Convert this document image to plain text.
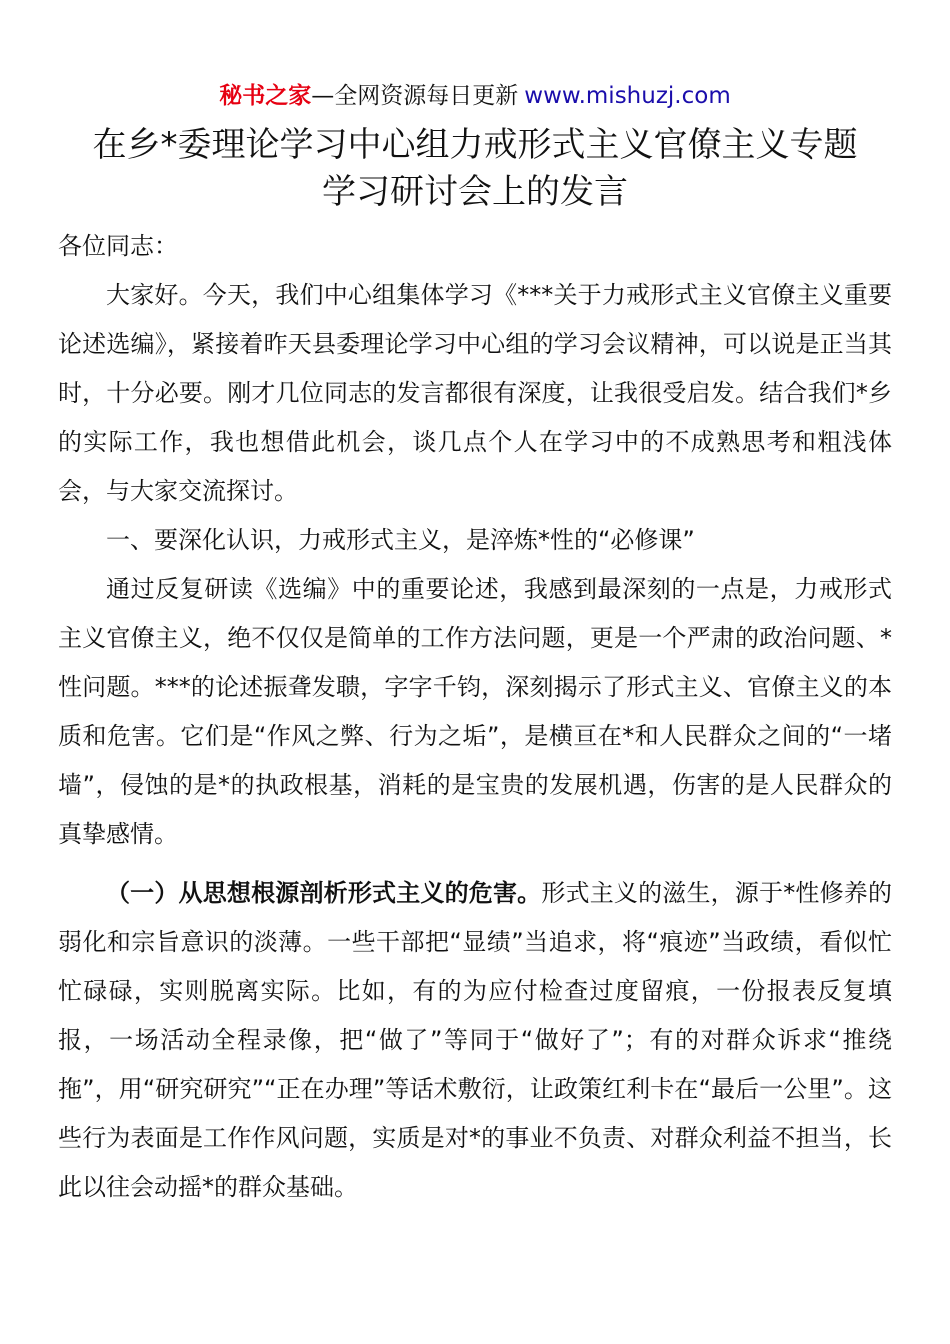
秘书之家—全网资源每日更新 www.mishuzj.com
在乡*委理论学习中心组力戒形式主义官僚主义专题
学习研讨会上的发言

各位同志：

大家好。今天，我们中心组集体学习《***关于力戒形式主义官僚主义重要论述选编》，紧接着昨天县委理论学习中心组的学习会议精神，可以说是正当其时，十分必要。刚才几位同志的发言都很有深度，让我很受启发。结合我们*乡的实际工作，我也想借此机会，谈几点个人在学习中的不成熟思考和粗浅体会，与大家交流探讨。

一、要深化认识，力戒形式主义，是淬炼*性的“必修课”

通过反复研读《选编》中的重要论述，我感到最深刻的一点是，力戒形式主义官僚主义，绝不仅仅是简单的工作方法问题，更是一个严肃的政治问题、*性问题。***的论述振聋发聩，字字千钧，深刻揭示了形式主义、官僚主义的本质和危害。它们是“作风之弊、行为之垢”，是横亘在*和人民群众之间的“一堵墙”，侵蚀的是*的执政根基，消耗的是宝贵的发展机遇，伤害的是人民群众的真挚感情。

（一）从思想根源剖析形式主义的危害。形式主义的滋生，源于*性修养的弱化和宗旨意识的淡薄。一些干部把“显绩”当追求，将“痕迹”当政绩，看似忙忙碌碌，实则脱离实际。比如，有的为应付检查过度留痕，一份报表反复填报，一场活动全程录像，把“做了”等同于“做好了”；有的对群众诉求“推绕拖”，用“研究研究”“正在办理”等话术敷衍，让政策红利卡在“最后一公里”。这些行为表面是工作作风问题，实质是对*的事业不负责、对群众利益不担当，长此以往会动摇*的群众基础。
